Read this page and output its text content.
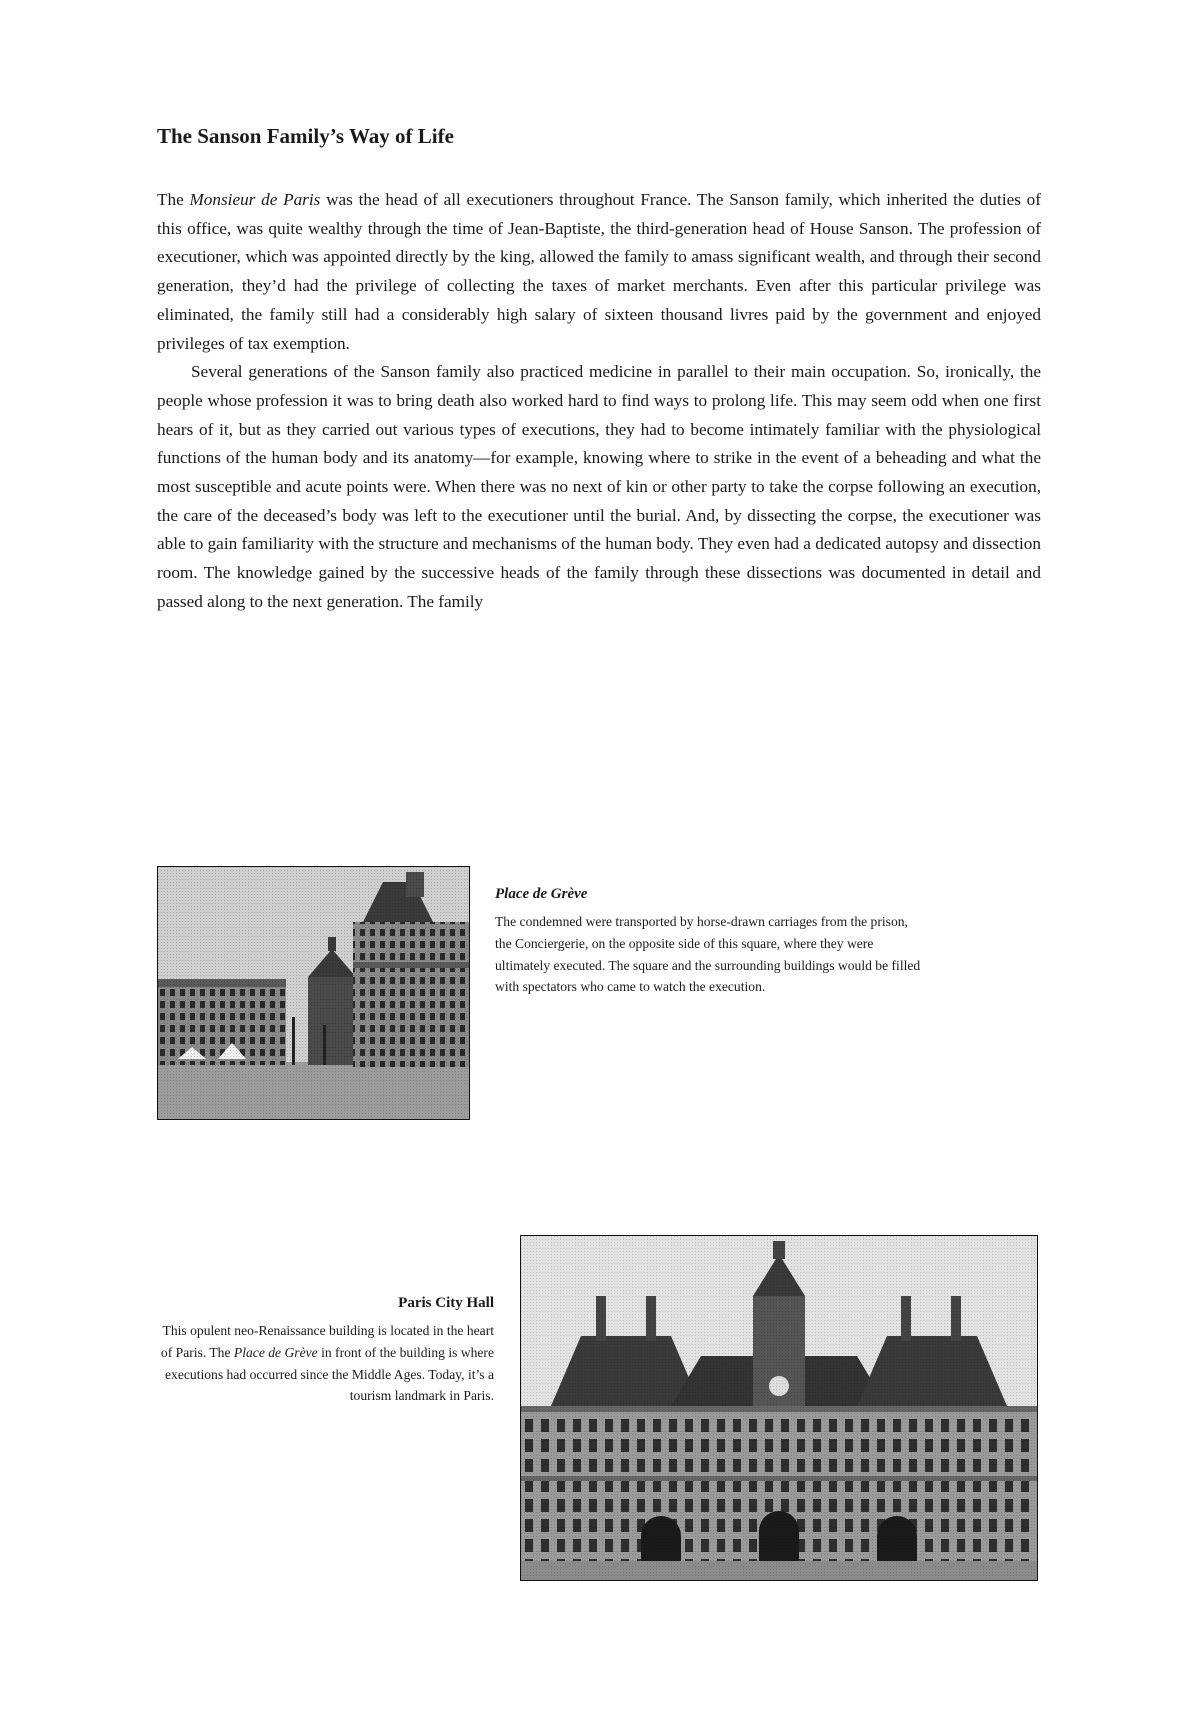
The Sanson Family’s Way of Life

The Monsieur de Paris was the head of all executioners throughout France. The Sanson family, which inherited the duties of this office, was quite wealthy through the time of Jean-Baptiste, the third-generation head of House Sanson. The profession of executioner, which was appointed directly by the king, allowed the family to amass significant wealth, and through their second generation, they’d had the privilege of collecting the taxes of market merchants. Even after this particular privilege was eliminated, the family still had a considerably high salary of sixteen thousand livres paid by the government and enjoyed privileges of tax exemption.

Several generations of the Sanson family also practiced medicine in parallel to their main occupation. So, ironically, the people whose profession it was to bring death also worked hard to find ways to prolong life. This may seem odd when one first hears of it, but as they carried out various types of executions, they had to become intimately familiar with the physiological functions of the human body and its anatomy—for example, knowing where to strike in the event of a beheading and what the most susceptible and acute points were. When there was no next of kin or other party to take the corpse following an execution, the care of the deceased’s body was left to the executioner until the burial. And, by dissecting the corpse, the executioner was able to gain familiarity with the structure and mechanisms of the human body. They even had a dedicated autopsy and dissection room. The knowledge gained by the successive heads of the family through these dissections was documented in detail and passed along to the next generation. The family

Place de Grève

The condemned were transported by horse-drawn carriages from the prison, the Conciergerie, on the opposite side of this square, where they were ultimately executed. The square and the surrounding buildings would be filled with spectators who came to watch the execution.

Paris City Hall

This opulent neo-Renaissance building is located in the heart of Paris. The Place de Grève in front of the building is where executions had occurred since the Middle Ages. Today, it’s a tourism landmark in Paris.
